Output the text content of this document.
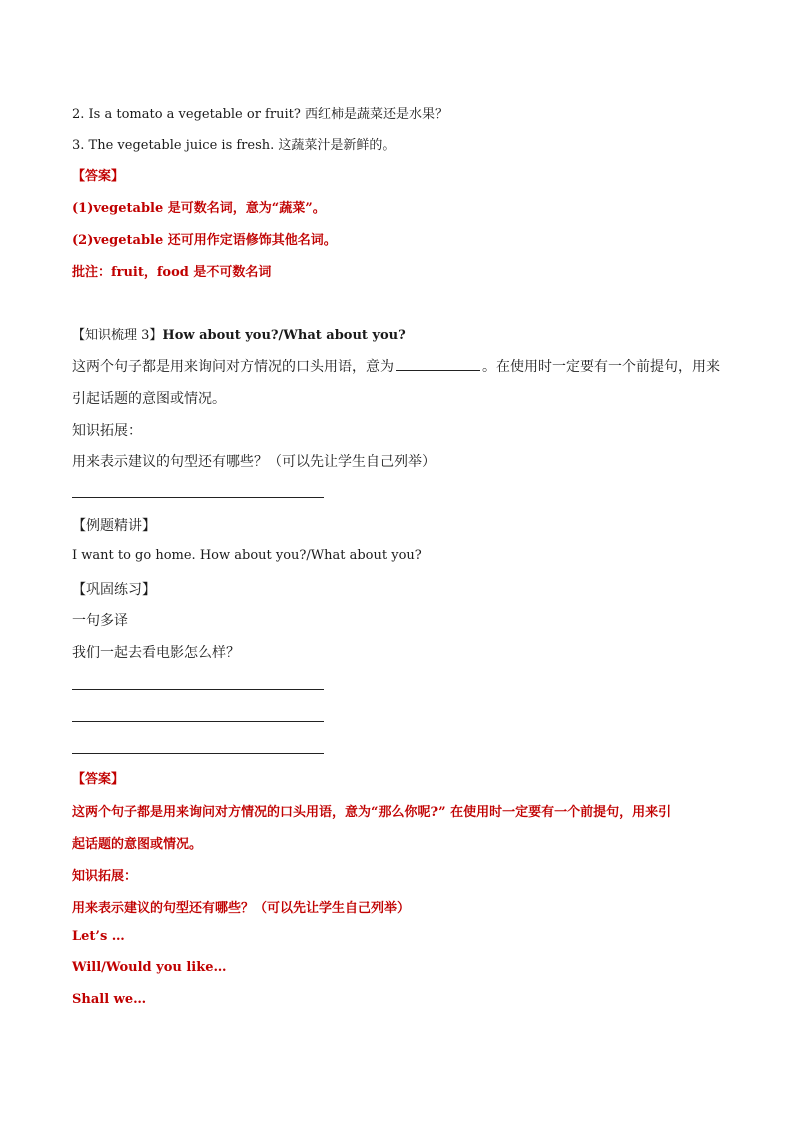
2. Is a tomato a vegetable or fruit? 西红柿是蔬菜还是水果？
3. The vegetable juice is fresh. 这蔬菜汁是新鲜的。
【答案】
(1)vegetable 是可数名词，意为“蔬菜”。
(2)vegetable 还可用作定语修饰其他名词。
批注：fruit，food 是不可数名词
【知识梳理 3】How about you?/What about you?
这两个句子都是用来询问对方情况的口头用语，意为	。在使用时一定要有一个前提句，用来
引起话题的意图或情况。
知识拓展：
用来表示建议的句型还有哪些？（可以先让学生自己列举）
【例题精讲】
I want to go home. How about you?/What about you?
【巩固练习】
一句多译
我们一起去看电影怎么样？
【答案】
这两个句子都是用来询问对方情况的口头用语，意为“那么你呢?” 在使用时一定要有一个前提句，用来引
起话题的意图或情况。
知识拓展：
用来表示建议的句型还有哪些？（可以先让学生自己列举）
Let’s …
Will/Would you like…
Shall we…
